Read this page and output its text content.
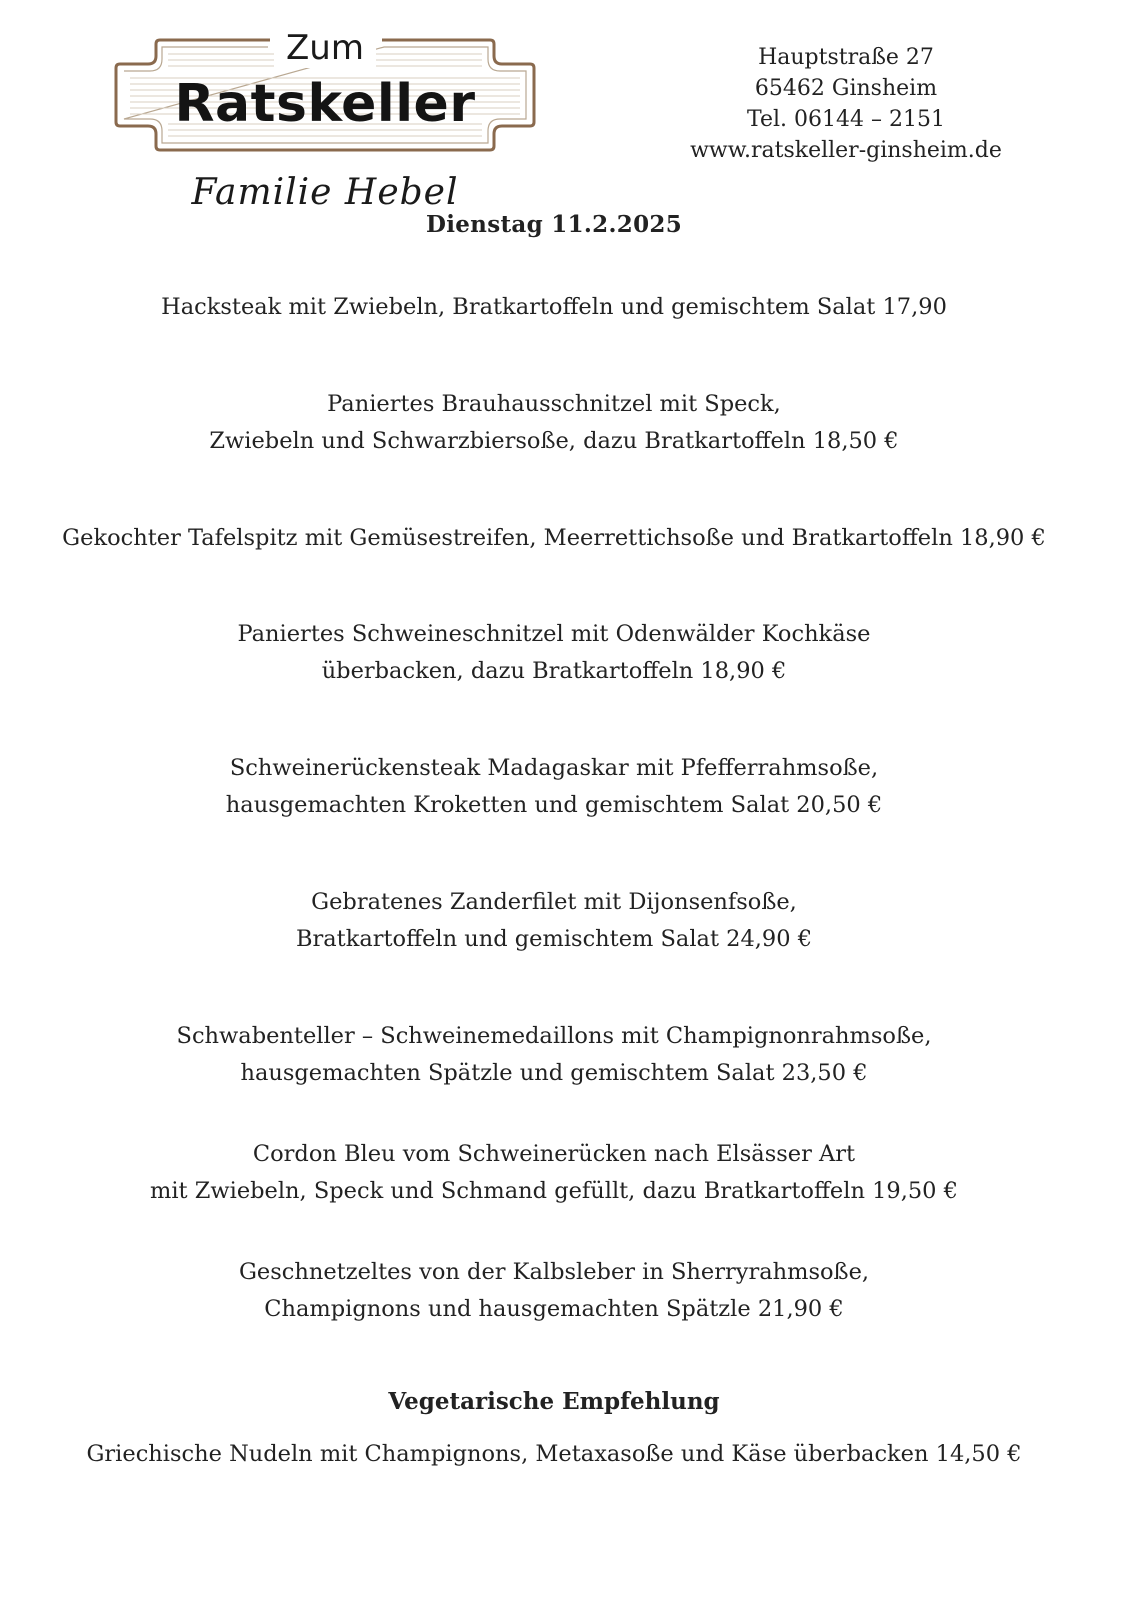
Zum
Ratskeller
Familie Hebel
Hauptstraße 27
65462 Ginsheim
Tel. 06144 – 2151
www.ratskeller-ginsheim.de
Dienstag 11.2.2025
Hacksteak mit Zwiebeln, Bratkartoffeln und gemischtem Salat 17,90
Paniertes Brauhausschnitzel mit Speck,
Zwiebeln und Schwarzbiersoße, dazu Bratkartoffeln 18,50 €
Gekochter Tafelspitz mit Gemüsestreifen, Meerrettichsoße und Bratkartoffeln 18,90 €
Paniertes Schweineschnitzel mit Odenwälder Kochkäse
überbacken, dazu Bratkartoffeln 18,90 €
Schweinerückensteak Madagaskar mit Pfefferrahmsoße,
hausgemachten Kroketten und gemischtem Salat 20,50 €
Gebratenes Zanderfilet mit Dijonsenfsoße,
Bratkartoffeln und gemischtem Salat 24,90 €
Schwabenteller – Schweinemedaillons mit Champignonrahmsoße,
hausgemachten Spätzle und gemischtem Salat 23,50 €
Cordon Bleu vom Schweinerücken nach Elsässer Art
mit Zwiebeln, Speck und Schmand gefüllt, dazu Bratkartoffeln 19,50 €
Geschnetzeltes von der Kalbsleber in Sherryrahmsoße,
Champignons und hausgemachten Spätzle 21,90 €
Vegetarische Empfehlung
Griechische Nudeln mit Champignons, Metaxasoße und Käse überbacken 14,50 €
